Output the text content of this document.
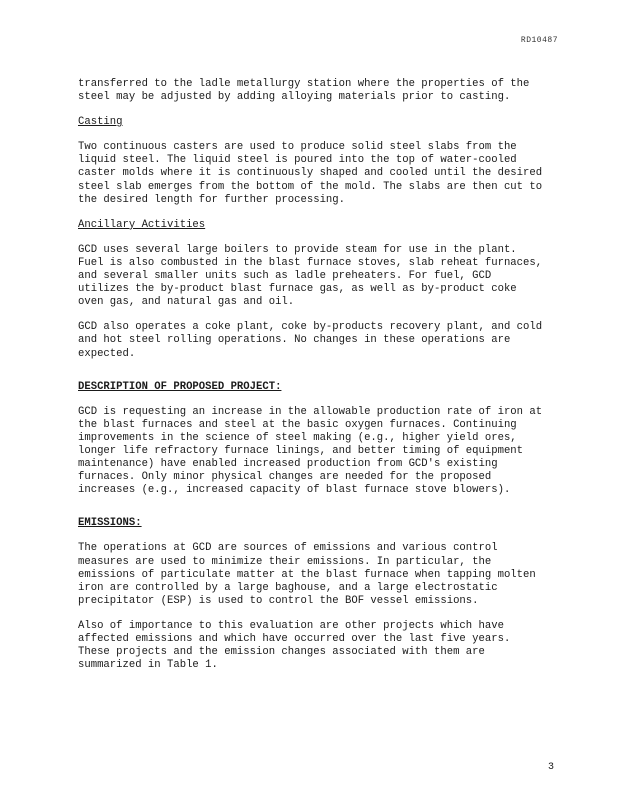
RD10487

transferred to the ladle metallurgy station where the properties of the steel may be adjusted by adding alloying materials prior to casting.

Casting

Two continuous casters are used to produce solid steel slabs from the liquid steel. The liquid steel is poured into the top of water-cooled caster molds where it is continuously shaped and cooled until the desired steel slab emerges from the bottom of the mold. The slabs are then cut to the desired length for further processing.

Ancillary Activities

GCD uses several large boilers to provide steam for use in the plant. Fuel is also combusted in the blast furnace stoves, slab reheat furnaces, and several smaller units such as ladle preheaters. For fuel, GCD utilizes the by-product blast furnace gas, as well as by-product coke oven gas, and natural gas and oil.

GCD also operates a coke plant, coke by-products recovery plant, and cold and hot steel rolling operations. No changes in these operations are expected.

DESCRIPTION OF PROPOSED PROJECT:

GCD is requesting an increase in the allowable production rate of iron at the blast furnaces and steel at the basic oxygen furnaces. Continuing improvements in the science of steel making (e.g., higher yield ores, longer life refractory furnace linings, and better timing of equipment maintenance) have enabled increased production from GCD's existing furnaces. Only minor physical changes are needed for the proposed increases (e.g., increased capacity of blast furnace stove blowers).

EMISSIONS:

The operations at GCD are sources of emissions and various control measures are used to minimize their emissions. In particular, the emissions of particulate matter at the blast furnace when tapping molten iron are controlled by a large baghouse, and a large electrostatic precipitator (ESP) is used to control the BOF vessel emissions.

Also of importance to this evaluation are other projects which have affected emissions and which have occurred over the last five years. These projects and the emission changes associated with them are summarized in Table 1.

3
